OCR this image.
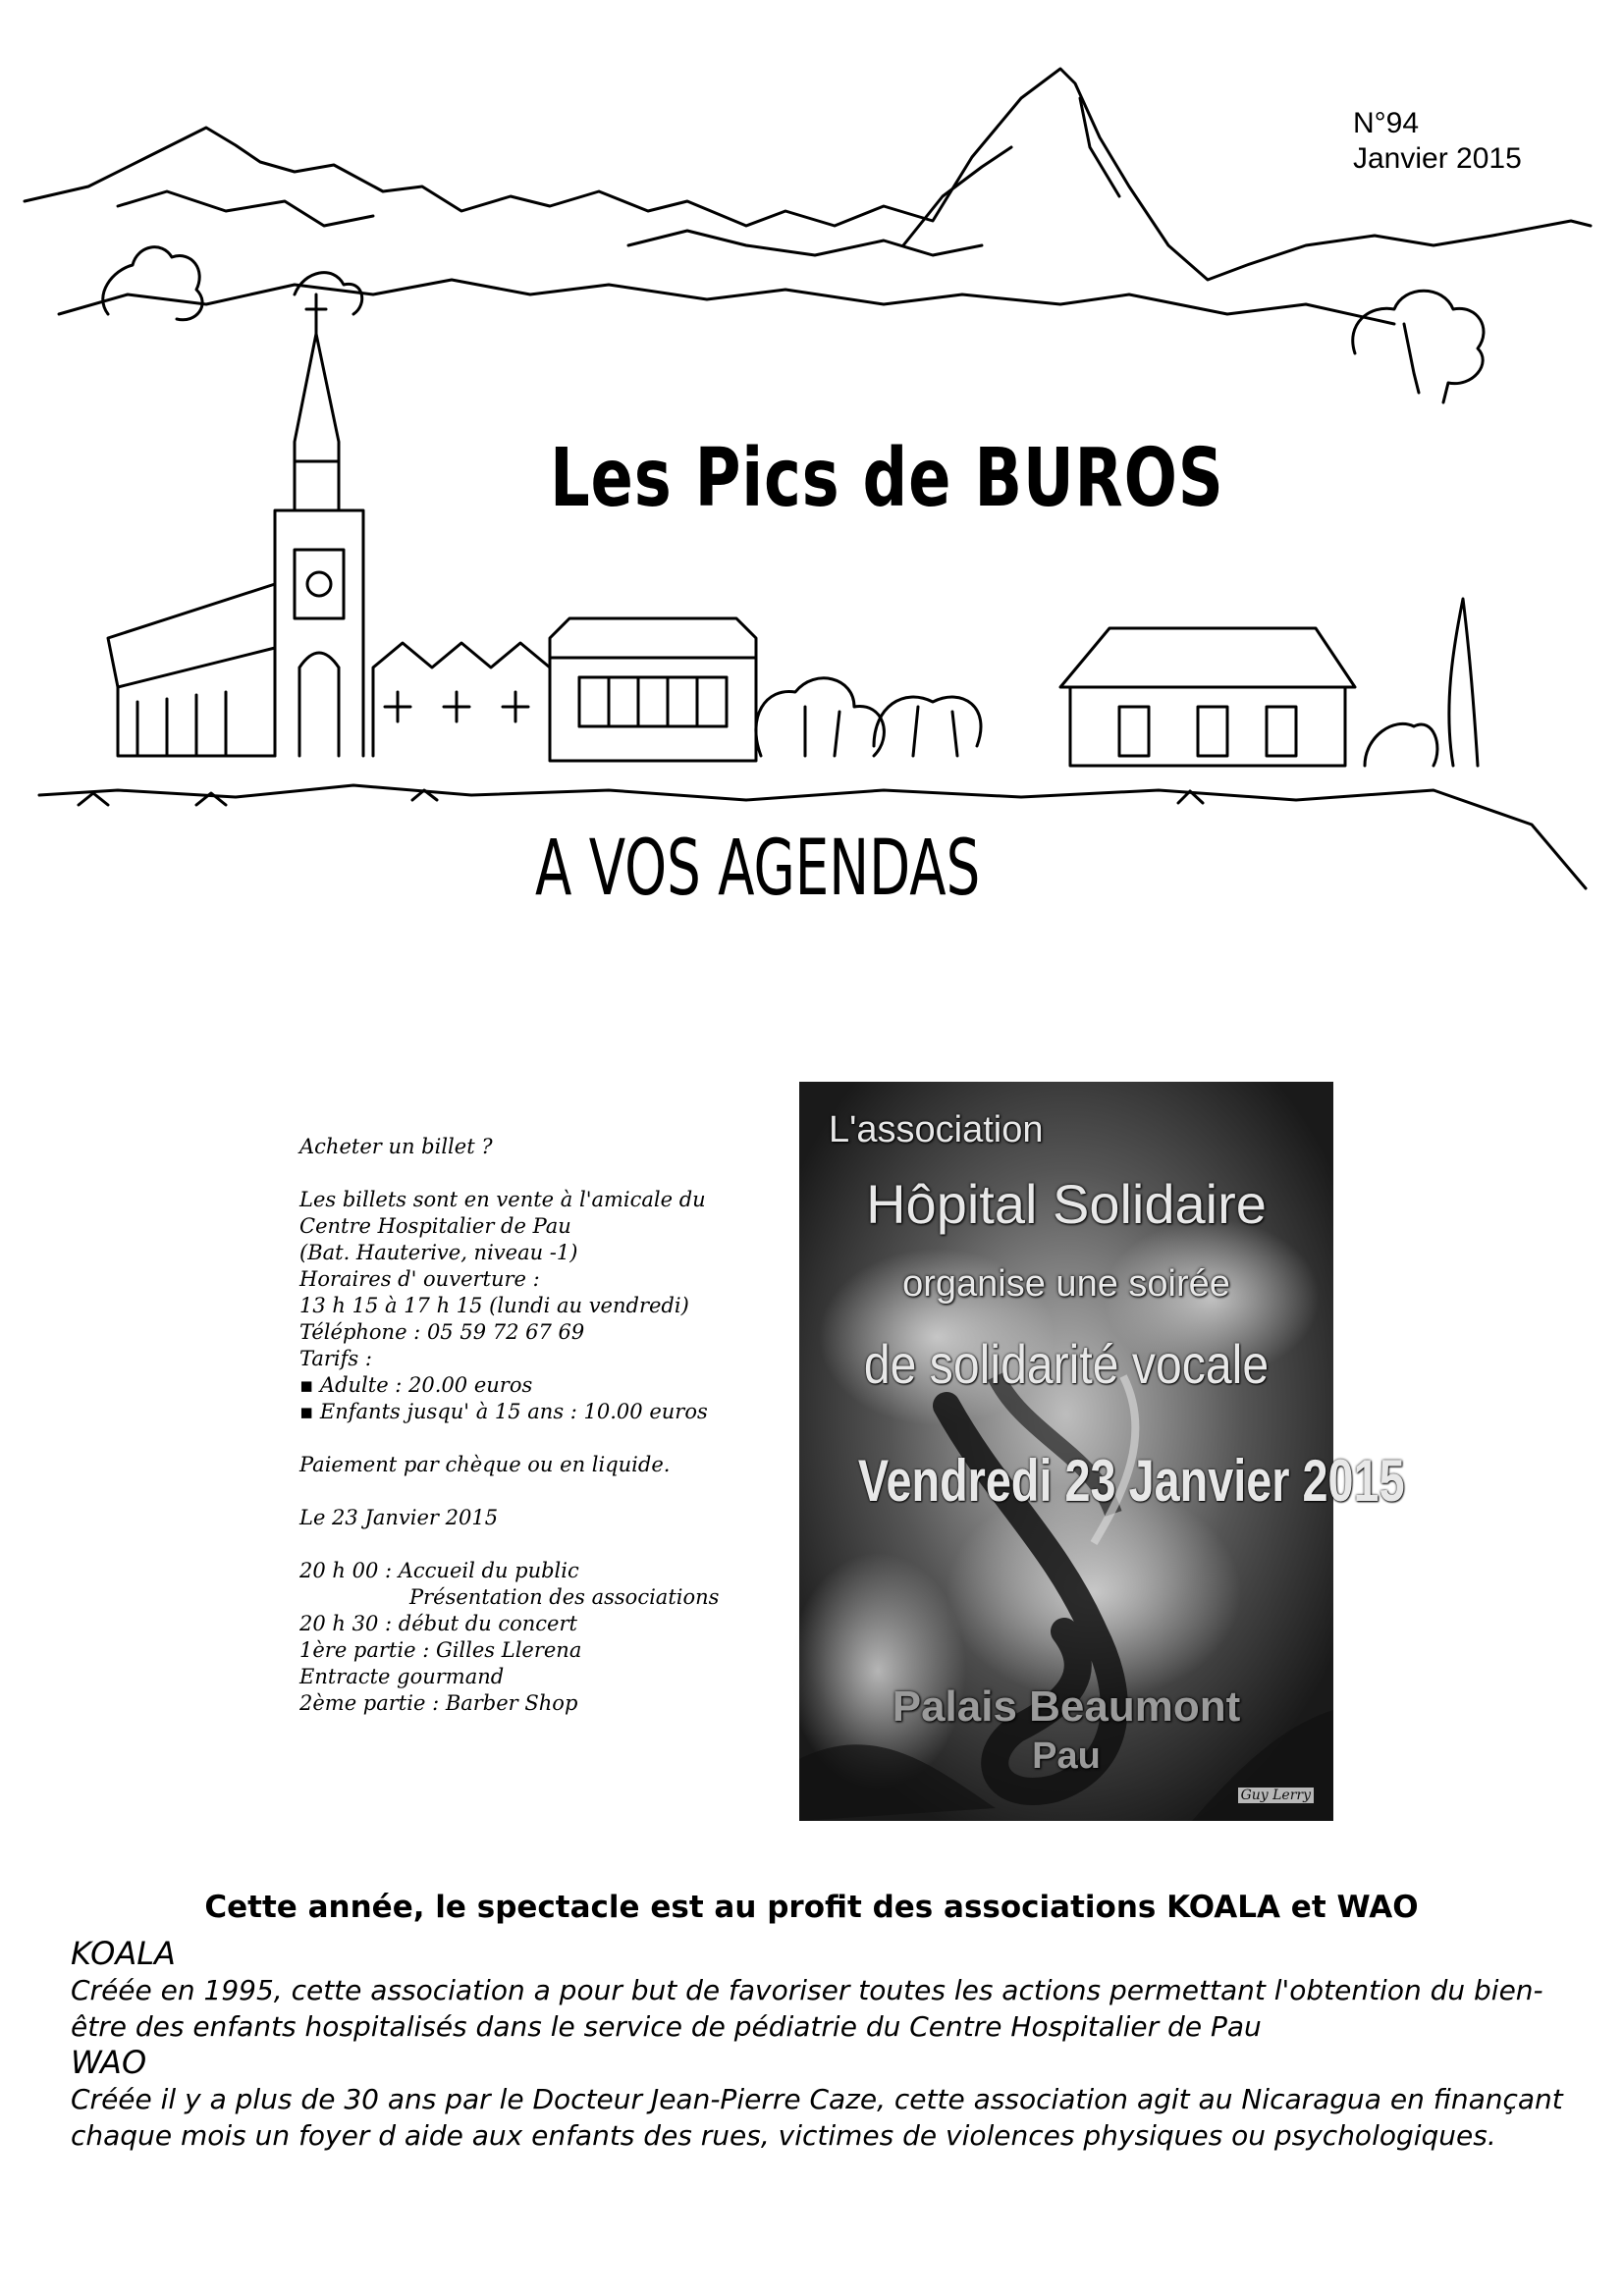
N°94
Janvier 2015
Les Pics de BUROS
A VOS AGENDAS

Acheter un billet ?

Les billets sont en vente à l'amicale du

Centre Hospitalier de Pau

(Bat. Hauterive, niveau -1)

Horaires d' ouverture :

13 h 15 à 17 h 15 (lundi au vendredi)

Téléphone : 05 59 72 67 69

Tarifs :

▪ Adulte : 20.00 euros

▪ Enfants jusqu' à 15 ans : 10.00 euros

Paiement par chèque ou en liquide.

Le 23 Janvier 2015

20 h 00 : Accueil du public

Présentation des associations

20 h 30 : début du concert

1ère partie : Gilles Llerena

Entracte gourmand

2ème partie : Barber Shop

L'association
Hôpital Solidaire
organise une soirée
de solidarité vocale
Vendredi 23 Janvier 2015
Palais Beaumont
Pau
Guy Lerry
Cette année, le spectacle est au profit des associations KOALA et WAO

KOALA

Créée en 1995, cette association a pour but de favoriser toutes les actions permettant l'obtention du bien-être des enfants hospitalisés dans le service de pédiatrie du Centre Hospitalier de Pau

WAO

Créée il y a plus de 30 ans par le Docteur Jean-Pierre Caze, cette association agit au Nicaragua en finançant chaque mois un foyer d aide aux enfants des rues, victimes de violences physiques ou psychologiques.
